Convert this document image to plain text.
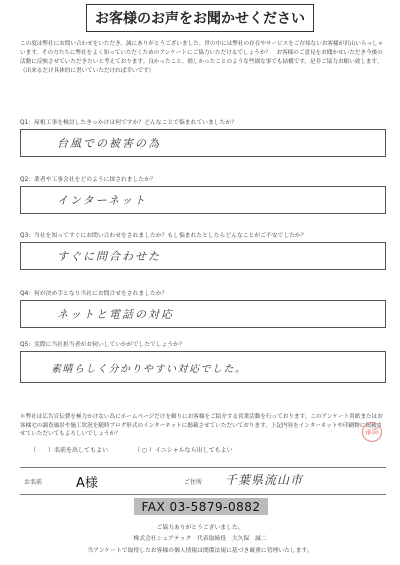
お客様のお声をお聞かせください
この度は弊社にお問い合わせをいただき、誠にありがとうございました。世の中には弊社の存在やサービスをご存知ないお客様が沢山いらっしゃいます。その方たちに弊社をよく知っていただくためのアンケートにご協力いただけるでしょうか？　お客様のご意見をお聞かせいただき今後の活動に反映させていただきたいと考えております。良かったこと、嬉しかったことのような些細な事でも結構です。是非ご協力お願い致します。（出来るだけ具体的に書いていただければ幸いです）
Q1：屋根工事を検討したきっかけは何ですか？どんなことで悩まれていましたか？
台風での被害の為
Q2：業者や工事会社をどのように探されましたか？
インターネット
Q3：当社を知ってすぐにお問い合わせをされましたか？もし悩まれたとしたらどんなことがご不安でしたか？
すぐに問合わせた
Q4：何が決め手となり当社にお問合せをされましたか？
ネットと電話の対応
Q5：実際に当社担当者がお伺いしていかがでしたでしょうか？
素晴らしく分かりやすい対応でした。
＊弊社は広告宣伝費を極力かけない為にホームページだけを頼りにお客様をご紹介する営業活動を行っております。このアンケート用紙またはお客様宅の調査風景や施工状況を随時ブログ形式のインターネットに掲載させていただいております。上記内容をインターネットや印刷物に掲載させていただいてもよろしいでしょうか？
（　　）名前を出してもよい	（ ○ ）イニシャルなら出してもよい
承認
お名前	A様	ご住所 千葉県流山市
FAX 03-5879-0882
ご協力ありがとうございました。
株式会社シェアテック　代表取締役　大久保　誠二
当アンケートで取得したお客様の個人情報は関係法規に基づき厳重に管理いたします。
